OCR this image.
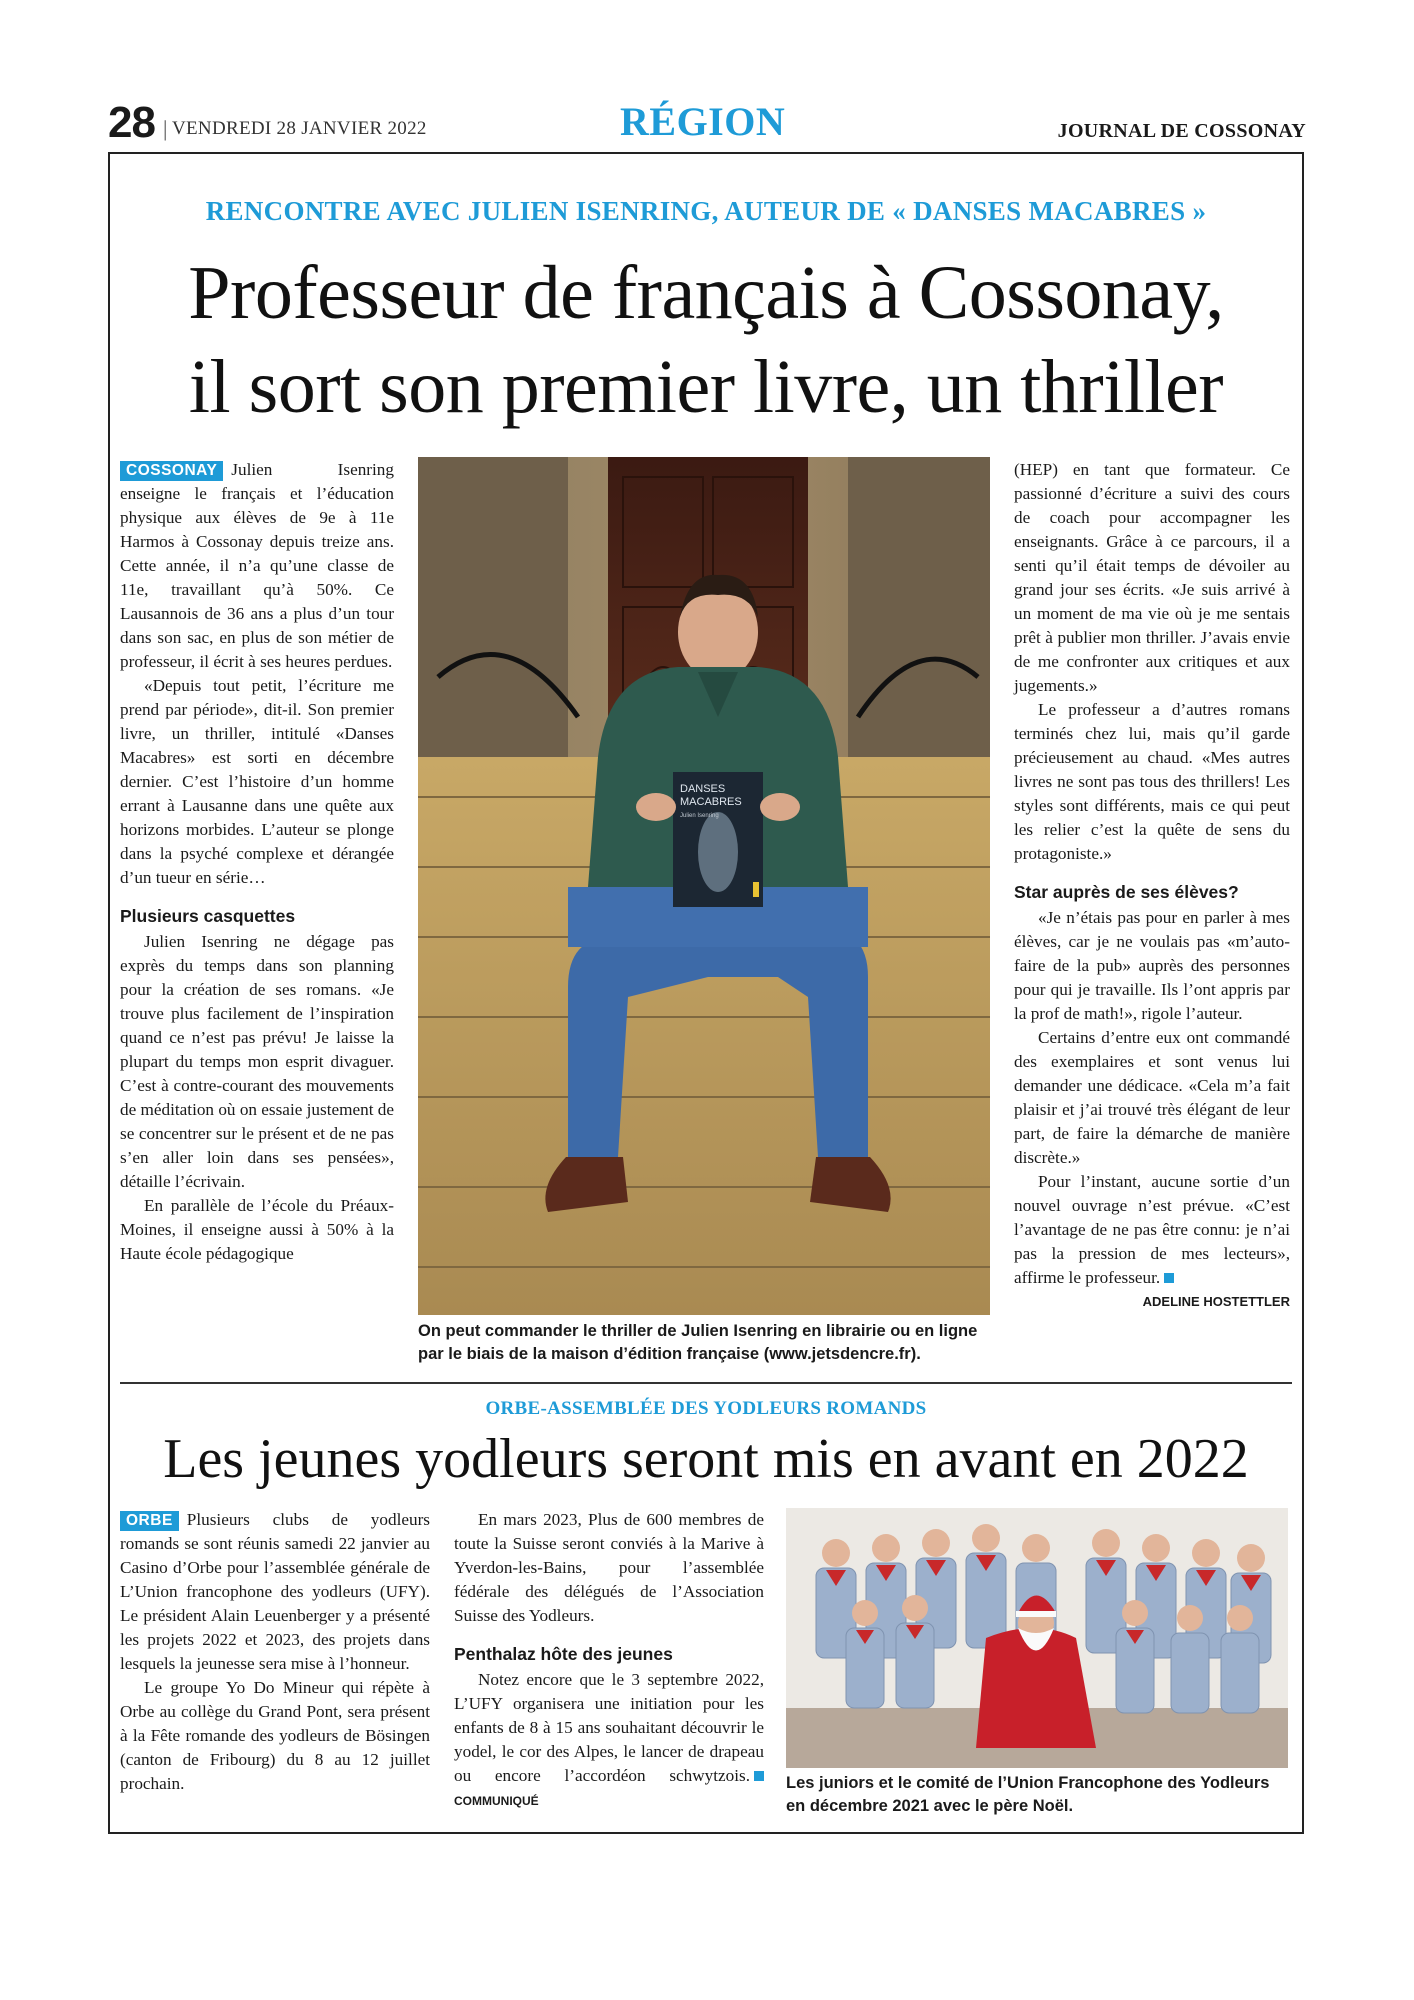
28 | VENDREDI 28 JANVIER 2022	RÉGION	JOURNAL DE COSSONAY
RENCONTRE AVEC JULIEN ISENRING, AUTEUR DE « DANSES MACABRES »
Professeur de français à Cossonay,
il sort son premier livre, un thriller

COSSONAY Julien Isenring enseigne le français et l’éducation physique aux élèves de 9e à 11e Harmos à Cossonay depuis treize ans. Cette année, il n’a qu’une classe de 11e, travaillant qu’à 50%. Ce Lausannois de 36 ans a plus d’un tour dans son sac, en plus de son métier de professeur, il écrit à ses heures perdues.

«Depuis tout petit, l’écriture me prend par période», dit-il. Son premier livre, un thriller, intitulé «Danses Macabres» est sorti en décembre dernier. C’est l’histoire d’un homme errant à Lausanne dans une quête aux horizons morbides. L’auteur se plonge dans la psyché complexe et dérangée d’un tueur en série…

Plusieurs casquettes

Julien Isenring ne dégage pas exprès du temps dans son planning pour la création de ses romans. «Je trouve plus facilement de l’inspiration quand ce n’est pas prévu! Je laisse la plupart du temps mon esprit divaguer. C’est à contre-courant des mouvements de méditation où on essaie justement de se concentrer sur le présent et de ne pas s’en aller loin dans ses pensées», détaille l’écrivain.

En parallèle de l’école du Préaux-Moines, il enseigne aussi à 50% à la Haute école pédagogique

DANSES
MACABRES
Julien Isenring
On peut commander le thriller de Julien Isenring en librairie ou en ligne par le biais de la maison d’édition française (www.jetsdencre.fr).

(HEP) en tant que formateur. Ce passionné d’écriture a suivi des cours de coach pour accompagner les enseignants. Grâce à ce parcours, il a senti qu’il était temps de dévoiler au grand jour ses écrits. «Je suis arrivé à un moment de ma vie où je me sentais prêt à publier mon thriller. J’avais envie de me confronter aux critiques et aux jugements.»

Le professeur a d’autres romans terminés chez lui, mais qu’il garde précieusement au chaud. «Mes autres livres ne sont pas tous des thrillers! Les styles sont différents, mais ce qui peut les relier c’est la quête de sens du protagoniste.»

Star auprès de ses élèves?

«Je n’étais pas pour en parler à mes élèves, car je ne voulais pas «m’auto-faire de la pub» auprès des personnes pour qui je travaille. Ils l’ont appris par la prof de math!», rigole l’auteur.

Certains d’entre eux ont commandé des exemplaires et sont venus lui demander une dédicace. «Cela m’a fait plaisir et j’ai trouvé très élégant de leur part, de faire la démarche de manière discrète.»

Pour l’instant, aucune sortie d’un nouvel ouvrage n’est prévue. «C’est l’avantage de ne pas être connu: je n’ai pas la pression de mes lecteurs», affirme le professeur.
ADELINE HOSTETTLER

ORBE-ASSEMBLÉE DES YODLEURS ROMANDS
Les jeunes yodleurs seront mis en avant en 2022

ORBE Plusieurs clubs de yodleurs romands se sont réunis samedi 22 janvier au Casino d’Orbe pour l’assemblée générale de L’Union francophone des yodleurs (UFY). Le président Alain Leuenberger y a présenté les projets 2022 et 2023, des projets dans lesquels la jeunesse sera mise à l’honneur.

Le groupe Yo Do Mineur qui répète à Orbe au collège du Grand Pont, sera présent à la Fête romande des yodleurs de Bösingen (canton de Fribourg) du 8 au 12 juillet prochain.

En mars 2023, Plus de 600 membres de toute la Suisse seront conviés à la Marive à Yverdon-les-Bains, pour l’assemblée fédérale des délégués de l’Association Suisse des Yodleurs.

Penthalaz hôte des jeunes

Notez encore que le 3 septembre 2022, L’UFY organisera une initiation pour les enfants de 8 à 15 ans souhaitant découvrir le yodel, le cor des Alpes, le lancer de drapeau ou encore l’accordéon schwytzois. COMMUNIQUÉ

Les juniors et le comité de l’Union Francophone des Yodleurs en décembre 2021 avec le père Noël.
